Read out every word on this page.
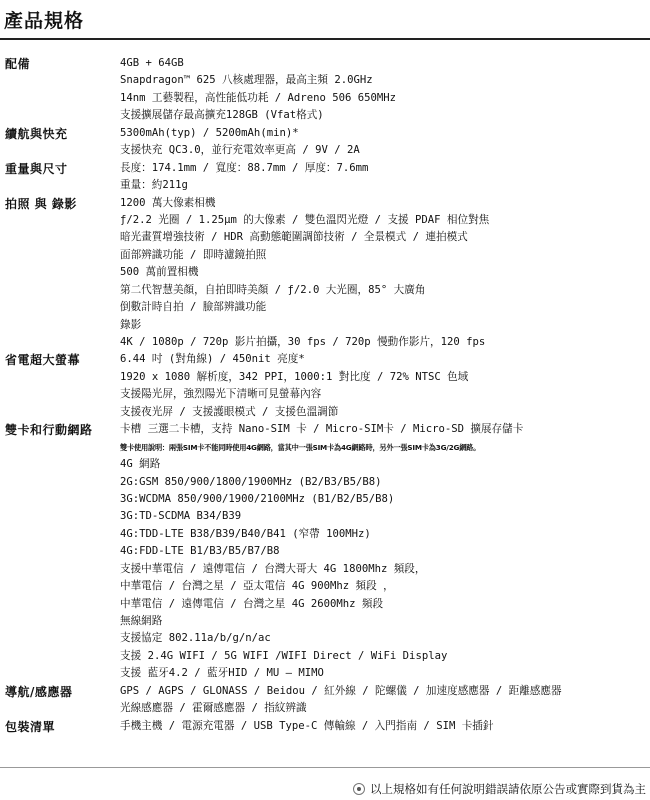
產品規格
配備	4GB + 64GB
Snapdragon™ 625 八核處理器，最高主頻 2.0GHz
14nm 工藝製程，高性能低功耗 / Adreno 506 650MHz
支援擴展儲存最高擴充128GB (Vfat格式)
續航與快充	5300mAh(typ) / 5200mAh(min)*
支援快充 QC3.0，並行充電效率更高 / 9V / 2A
重量與尺寸	長度：174.1mm / 寬度：88.7mm / 厚度：7.6mm
重量：約211g
拍照 與 錄影	1200 萬大像素相機
ƒ/2.2 光圈 / 1.25μm 的大像素 / 雙色溫閃光燈 / 支援 PDAF 相位對焦
暗光畫質增強技術 / HDR 高動態範圍調節技術 / 全景模式 / 連拍模式
面部辨識功能 / 即時濾鏡拍照
500 萬前置相機
第二代智慧美顏，自拍即時美顏 / ƒ/2.0 大光圈，85° 大廣角
倒數計時自拍 / 臉部辨識功能
錄影
4K / 1080p / 720p 影片拍攝，30 fps / 720p 慢動作影片，120 fps
省電超大螢幕	6.44 吋 (對角線) / 450nit 亮度*
1920 x 1080 解析度，342 PPI，1000:1 對比度 / 72% NTSC 色域
支援陽光屏，強烈陽光下清晰可見螢幕內容
支援夜光屏 / 支援護眼模式 / 支援色溫調節
雙卡和行動網路	卡槽 三選二卡槽，支持 Nano-SIM 卡 / Micro-SIM卡 / Micro-SD 擴展存儲卡
雙卡使用說明：兩張SIM卡不能同時使用4G網路，當其中一張SIM卡為4G網路時，另外一張SIM卡為3G/2G網路。
4G 網路
2G:GSM 850/900/1800/1900MHz (B2/B3/B5/B8)
3G:WCDMA 850/900/1900/2100MHz (B1/B2/B5/B8)
3G:TD-SCDMA B34/B39
4G:TDD-LTE B38/B39/B40/B41 (窄帶 100MHz)
4G:FDD-LTE B1/B3/B5/B7/B8
支援中華電信 / 遠傳電信 / 台灣大哥大 4G 1800Mhz 頻段，
中華電信 / 台灣之星 / 亞太電信 4G 900Mhz 頻段 ，
中華電信 / 遠傳電信 / 台灣之星 4G 2600Mhz 頻段
無線網路
支援協定 802.11a/b/g/n/ac
支援 2.4G WIFI / 5G WIFI /WIFI Direct / WiFi Display
支援 藍牙4.2 / 藍牙HID / MU — MIMO
導航/感應器	GPS / AGPS / GLONASS / Beidou / 紅外線 / 陀螺儀 / 加速度感應器 / 距離感應器
光線感應器 / 霍爾感應器 / 指紋辨識
包裝清單	手機主機 / 電源充電器 / USB Type-C 傳輸線 / 入門指南 / SIM 卡插針
以上規格如有任何說明錯誤請依原公告或實際到貨為主
